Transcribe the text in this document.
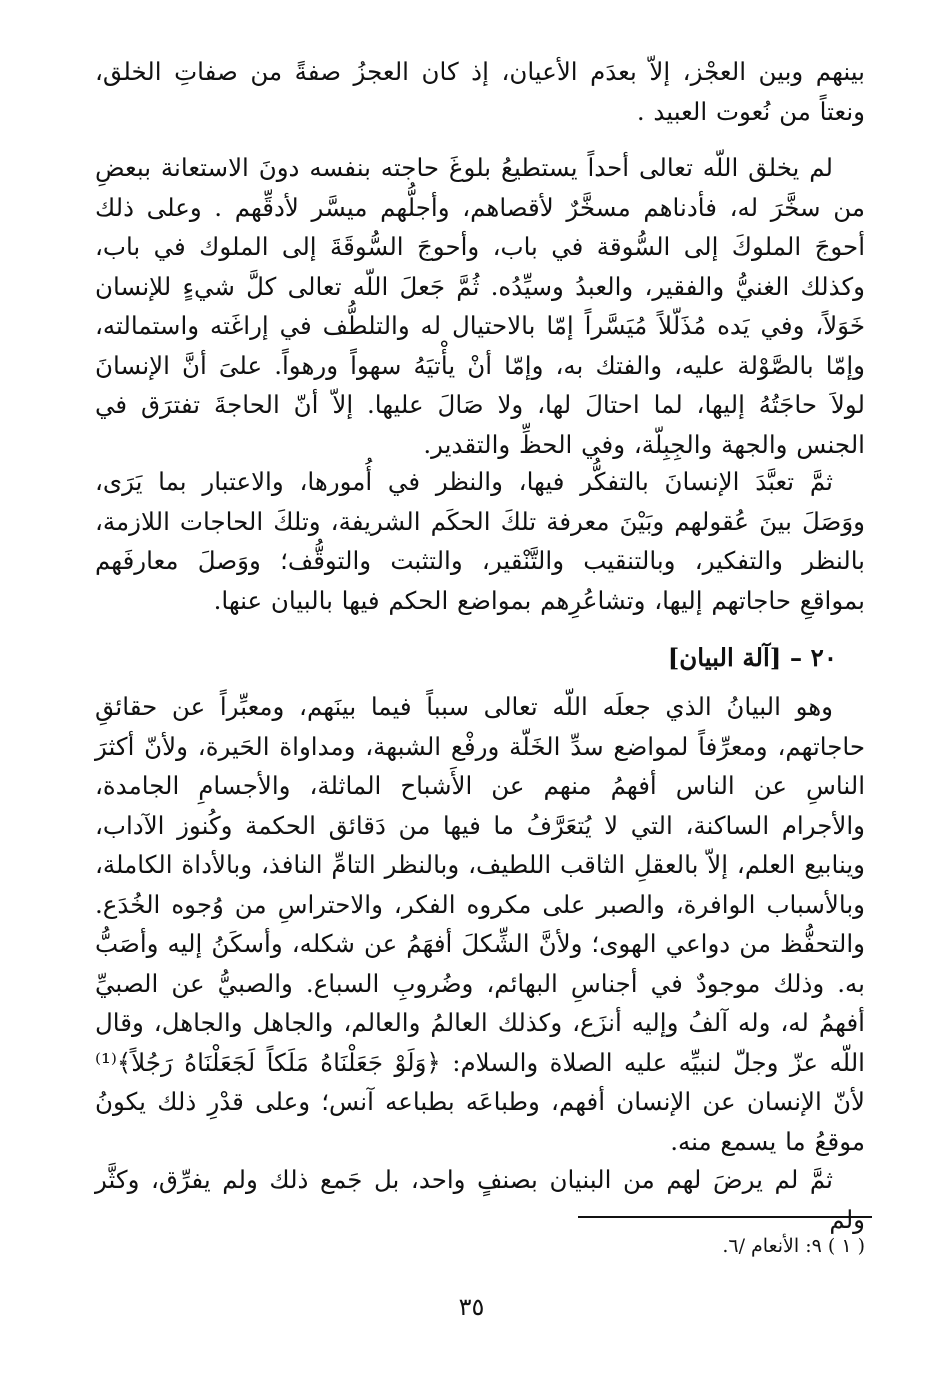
بينهم وبين العجْز، إلاّ بعدَم الأعيان، إذ كان العجزُ صفةً من صفاتِ الخلق، ونعتاً من نُعوت العبيد .

لم يخلق اللّه تعالى أحداً يستطيعُ بلوغَ حاجته بنفسه دونَ الاستعانة ببعضِ من سخَّرَ له، فأدناهم مسخَّرٌ لأقصاهم، وأجلُّهم ميسَّر لأدقِّهم . وعلى ذلك أحوجَ الملوكَ إلى السُّوقة في باب، وأحوجَ السُّوقَةَ إلى الملوك في باب، وكذلك الغنيُّ والفقير، والعبدُ وسيِّدُه. ثُمَّ جَعلَ اللّه تعالى كلَّ شيءٍ للإنسان خَوَلاً، وفي يَده مُذَلّلاً مُيَسَّراً إمّا بالاحتيال له والتلطُّف في إراغَته واستمالته، وإمّا بالصَّوْلة عليه، والفتك به، وإمّا أنْ يأْتيَهُ سهواً ورهواً. علىَ أنَّ الإنسانَ لولاَ حاجَتُهُ إليها، لما احتالَ لها، ولا صَالَ عليها. إلاّ أنّ الحاجةَ تفترَق في الجنس والجهة والجِبِلّة، وفي الحظِّ والتقدير.

ثمَّ تعبَّدَ الإنسانَ بالتفكُّر فيها، والنظر في أُمورها، والاعتبار بما يَرَى، ووَصَلَ بينَ عُقولهم وبَيْنَ معرفة تلكَ الحكَم الشريفة، وتلكَ الحاجات اللازمة، بالنظر والتفكير، وبالتنقيب والتَّنْقير، والتثبت والتوقُّف؛ ووَصلَ معارفَهم بمواقعِ حاجاتهم إليها، وتشاعُرِهم بمواضع الحكم فيها بالبيان عنها.

٢٠ – [آلة البيان]

وهو البيانُ الذي جعلَه اللّه تعالى سبباً فيما بينَهم، ومعبِّراً عن حقائقِ حاجاتهم، ومعرِّفاً لمواضع سدِّ الخَلّة ورفْع الشبهة، ومداواة الحَيرة، ولأنّ أكثرَ الناسِ عن الناس أفهمُ منهم عن الأَشباح الماثلة، والأجسامِ الجامدة، والأجرام الساكنة، التي لا يُتعَرَّفُ ما فيها من دَقائق الحكمة وكُنوز الآداب، وينابيع العلم، إلاّ بالعقلِ الثاقب اللطيف، وبالنظر التامِّ النافذ، وبالأداة الكاملة، وبالأسباب الوافرة، والصبر على مكروه الفكر، والاحتراسِ من وُجوه الخُدَع. والتحفُّظ من دواعي الهوى؛ ولأنَّ الشِّكلَ أفهَمُ عن شكله، وأسكَنُ إليه وأصَبُّ به. وذلك موجودٌ في أجناسِ البهائم، وضُروبِ السباع. والصبيُّ عن الصبيِّ أفهمُ له، وله آلفُ وإليه أنزَع، وكذلك العالمُ والعالم، والجاهل والجاهل، وقال اللّه عزّ وجلّ لنبيِّه عليه الصلاة والسلام: ﴿وَلَوْ جَعَلْنَاهُ مَلَكاً لَجَعَلْنَاهُ رَجُلاً﴾⁽¹⁾ لأنّ الإنسان عن الإنسان أفهم، وطباعَه بطباعه آنس؛ وعلى قدْرِ ذلك يكونُ موقعُ ما يسمع منه.

ثمَّ لم يرضَ لهم من البنيان بصنفٍ واحد، بل جَمع ذلك ولم يفرِّق، وكثَّر ولم

( ١ ) ٩: الأنعام /٦.
٣٥
